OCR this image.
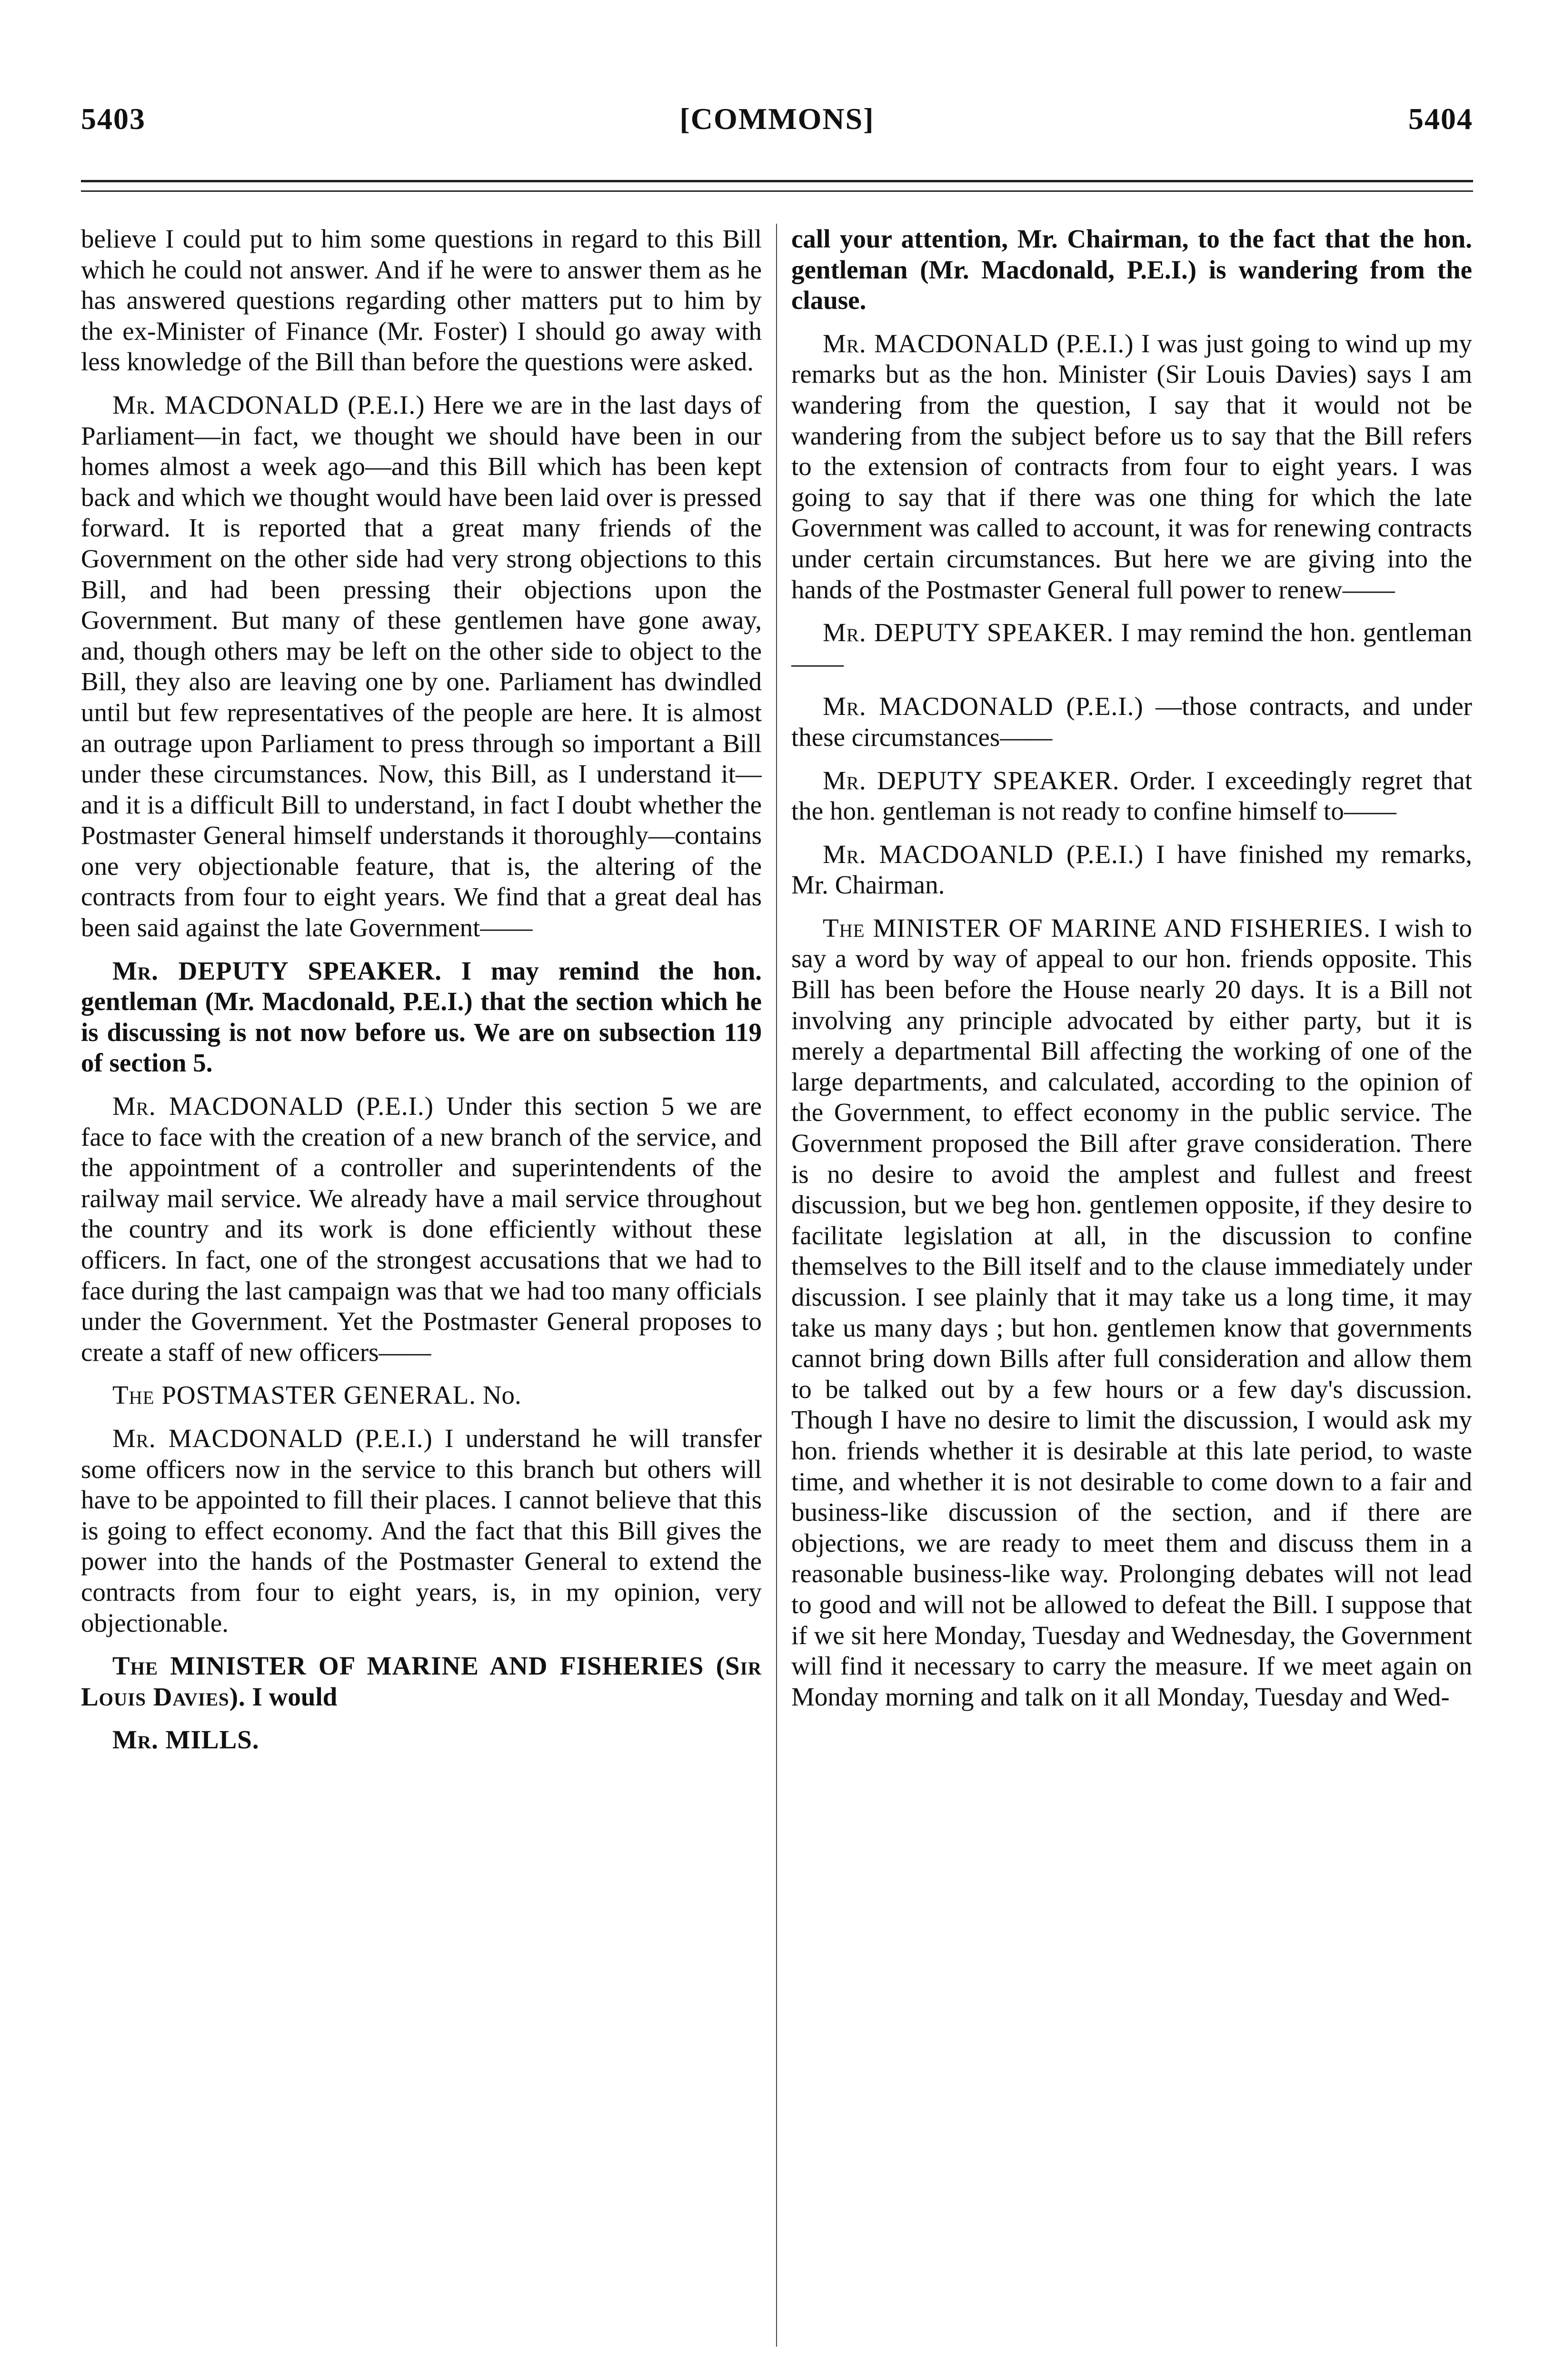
5403	[COMMONS]	5404

believe I could put to him some questions in regard to this Bill which he could not answer. And if he were to answer them as he has answered questions regarding other matters put to him by the ex-Minister of Finance (Mr. Foster) I should go away with less knowledge of the Bill than before the questions were asked.

Mr. MACDONALD (P.E.I.) Here we are in the last days of Parliament—in fact, we thought we should have been in our homes almost a week ago—and this Bill which has been kept back and which we thought would have been laid over is pressed forward. It is reported that a great many friends of the Government on the other side had very strong objections to this Bill, and had been pressing their objections upon the Government. But many of these gentlemen have gone away, and, though others may be left on the other side to object to the Bill, they also are leaving one by one. Parliament has dwindled until but few representatives of the people are here. It is almost an outrage upon Parliament to press through so important a Bill under these circumstances. Now, this Bill, as I understand it—and it is a difficult Bill to understand, in fact I doubt whether the Postmaster General himself understands it thoroughly—contains one very objectionable feature, that is, the altering of the contracts from four to eight years. We find that a great deal has been said against the late Government——

Mr. DEPUTY SPEAKER. I may remind the hon. gentleman (Mr. Macdonald, P.E.I.) that the section which he is discussing is not now before us. We are on subsection 119 of section 5.

Mr. MACDONALD (P.E.I.) Under this section 5 we are face to face with the creation of a new branch of the service, and the appointment of a controller and superintendents of the railway mail service. We already have a mail service throughout the country and its work is done efficiently without these officers. In fact, one of the strongest accusations that we had to face during the last campaign was that we had too many officials under the Government. Yet the Postmaster General proposes to create a staff of new officers——

The POSTMASTER GENERAL. No.

Mr. MACDONALD (P.E.I.) I understand he will transfer some officers now in the service to this branch but others will have to be appointed to fill their places. I cannot believe that this is going to effect economy. And the fact that this Bill gives the power into the hands of the Postmaster General to extend the contracts from four to eight years, is, in my opinion, very objectionable.

The MINISTER OF MARINE AND FISHERIES (Sir Louis Davies). I would

Mr. MILLS.

call your attention, Mr. Chairman, to the fact that the hon. gentleman (Mr. Macdonald, P.E.I.) is wandering from the clause.

Mr. MACDONALD (P.E.I.) I was just going to wind up my remarks but as the hon. Minister (Sir Louis Davies) says I am wandering from the question, I say that it would not be wandering from the subject before us to say that the Bill refers to the extension of contracts from four to eight years. I was going to say that if there was one thing for which the late Government was called to account, it was for renewing contracts under certain circumstances. But here we are giving into the hands of the Postmaster General full power to renew——

Mr. DEPUTY SPEAKER. I may remind the hon. gentleman——

Mr. MACDONALD (P.E.I.) —those contracts, and under these circumstances——

Mr. DEPUTY SPEAKER. Order. I exceedingly regret that the hon. gentleman is not ready to confine himself to——

Mr. MACDOANLD (P.E.I.) I have finished my remarks, Mr. Chairman.

The MINISTER OF MARINE AND FISHERIES. I wish to say a word by way of appeal to our hon. friends opposite. This Bill has been before the House nearly 20 days. It is a Bill not involving any principle advocated by either party, but it is merely a departmental Bill affecting the working of one of the large departments, and calculated, according to the opinion of the Government, to effect economy in the public service. The Government proposed the Bill after grave consideration. There is no desire to avoid the amplest and fullest and freest discussion, but we beg hon. gentlemen opposite, if they desire to facilitate legislation at all, in the discussion to confine themselves to the Bill itself and to the clause immediately under discussion. I see plainly that it may take us a long time, it may take us many days ; but hon. gentlemen know that governments cannot bring down Bills after full consideration and allow them to be talked out by a few hours or a few day's discussion. Though I have no desire to limit the discussion, I would ask my hon. friends whether it is desirable at this late period, to waste time, and whether it is not desirable to come down to a fair and business-like discussion of the section, and if there are objections, we are ready to meet them and discuss them in a reasonable business-like way. Prolonging debates will not lead to good and will not be allowed to defeat the Bill. I suppose that if we sit here Monday, Tuesday and Wednesday, the Government will find it necessary to carry the measure. If we meet again on Monday morning and talk on it all Monday, Tuesday and Wed-
